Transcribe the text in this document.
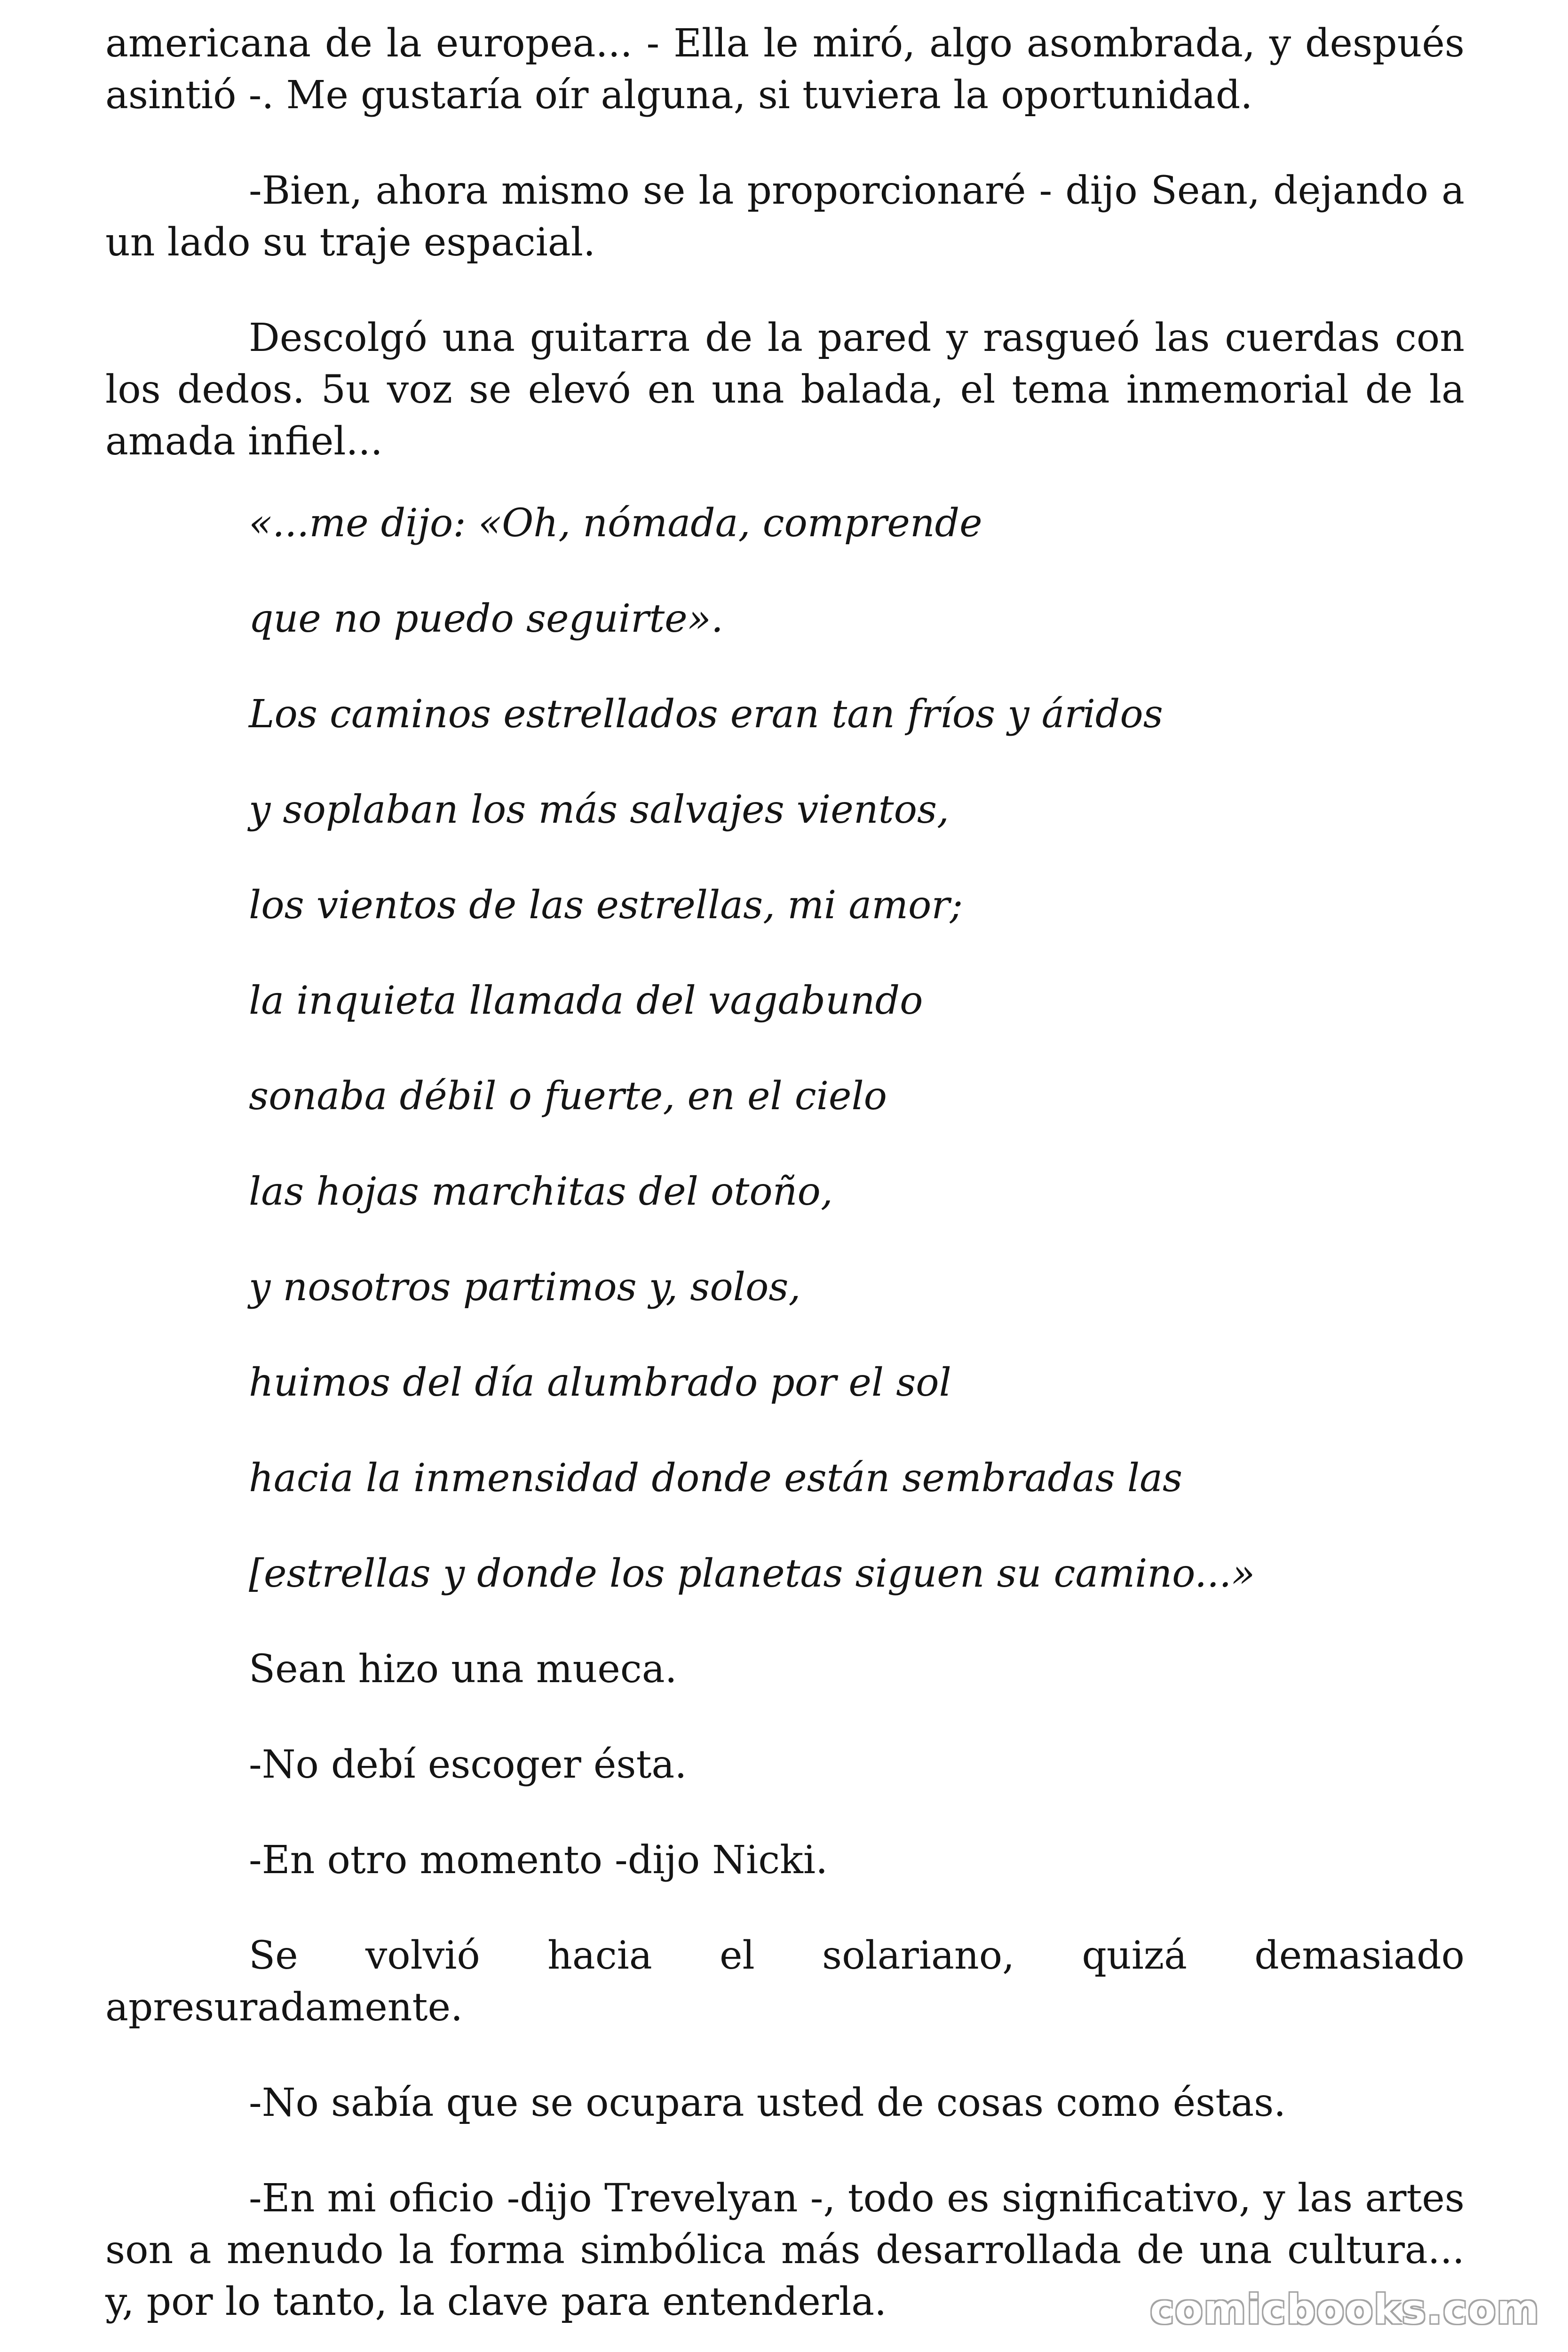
americana de la europea... - Ella le miró, algo asombrada, y después asintió -. Me gustaría oír alguna, si tuviera la oportunidad.

-Bien, ahora mismo se la proporcionaré - dijo Sean, dejando a un lado su traje espacial.

Descolgó una guitarra de la pared y rasgueó las cuerdas con los dedos. 5u voz se elevó en una balada, el tema inmemorial de la amada infiel...

«...me dijo: «Oh, nómada, comprende

que no puedo seguirte».

Los caminos estrellados eran tan fríos y áridos

y soplaban los más salvajes vientos,

los vientos de las estrellas, mi amor;

la inquieta llamada del vagabundo

sonaba débil o fuerte, en el cielo

las hojas marchitas del otoño,

y nosotros partimos y, solos,

huimos del día alumbrado por el sol

hacia la inmensidad donde están sembradas las

[estrellas y donde los planetas siguen su camino...»

Sean hizo una mueca.

-No debí escoger ésta.

-En otro momento -dijo Nicki.

Se volvió hacia el solariano, quizá demasiado apresuradamente.

-No sabía que se ocupara usted de cosas como éstas.

-En mi oficio -dijo Trevelyan -, todo es significativo, y las artes son a menudo la forma simbólica más desarrollada de una cultura... y, por lo tanto, la clave para entenderla.	comicbooks.com
